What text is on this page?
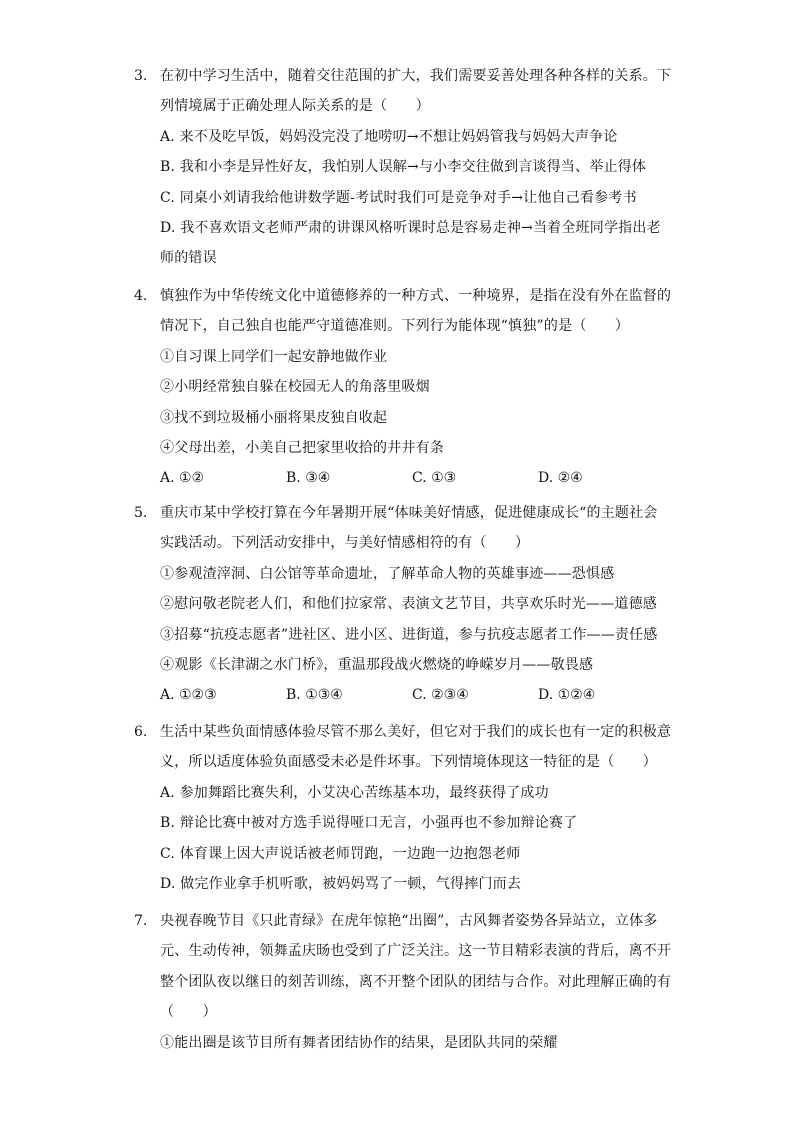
3. 在初中学习生活中，随着交往范围的扩大，我们需要妥善处理各种各样的关系。下
列情境属于正确处理人际关系的是（　　）
A. 来不及吃早饭，妈妈没完没了地唠叨→不想让妈妈管我与妈妈大声争论
B. 我和小李是异性好友，我怕别人误解→与小李交往做到言谈得当、举止得体
C. 同桌小刘请我给他讲数学题-考试时我们可是竞争对手→让他自己看参考书
D. 我不喜欢语文老师严肃的讲课风格听课时总是容易走神→当着全班同学指出老
师的错误
4. 慎独作为中华传统文化中道德修养的一种方式、一种境界，是指在没有外在监督的
情况下，自己独自也能严守道德准则。下列行为能体现“慎独”的是（　　）
①自习课上同学们一起安静地做作业
②小明经常独自躲在校园无人的角落里吸烟
③找不到垃圾桶小丽将果皮独自收起
④父母出差，小美自己把家里收拾的井井有条
A. ①②	B. ③④	C. ①③	D. ②④
5. 重庆市某中学校打算在今年暑期开展“体味美好情感，促进健康成长“的主题社会
实践活动。下列活动安排中，与美好情感相符的有（　　）
①参观渣滓洞、白公馆等革命遗址，了解革命人物的英雄事迹——恐惧感
②慰问敬老院老人们，和他们拉家常、表演文艺节目，共享欢乐时光——道德感
③招募“抗疫志愿者”进社区、进小区、进街道，参与抗疫志愿者工作——责任感
④观影《长津湖之水门桥》，重温那段战火燃烧的峥嵘岁月——敬畏感
A. ①②③	B. ①③④	C. ②③④	D. ①②④
6. 生活中某些负面情感体验尽管不那么美好，但它对于我们的成长也有一定的积极意
义，所以适度体验负面感受未必是件坏事。下列情境体现这一特征的是（　　）
A. 参加舞蹈比赛失利，小艾决心苦练基本功，最终获得了成功
B. 辩论比赛中被对方选手说得哑口无言，小强再也不参加辩论赛了
C. 体育课上因大声说话被老师罚跑，一边跑一边抱怨老师
D. 做完作业拿手机听歌，被妈妈骂了一顿，气得摔门而去
7. 央视春晚节目《只此青绿》在虎年惊艳“出圈”，古风舞者姿势各异站立，立体多
元、生动传神，领舞孟庆旸也受到了广泛关注。这一节目精彩表演的背后，离不开
整个团队夜以继日的刻苦训练，离不开整个团队的团结与合作。对此理解正确的有
（　　）
①能出圈是该节目所有舞者团结协作的结果，是团队共同的荣耀
